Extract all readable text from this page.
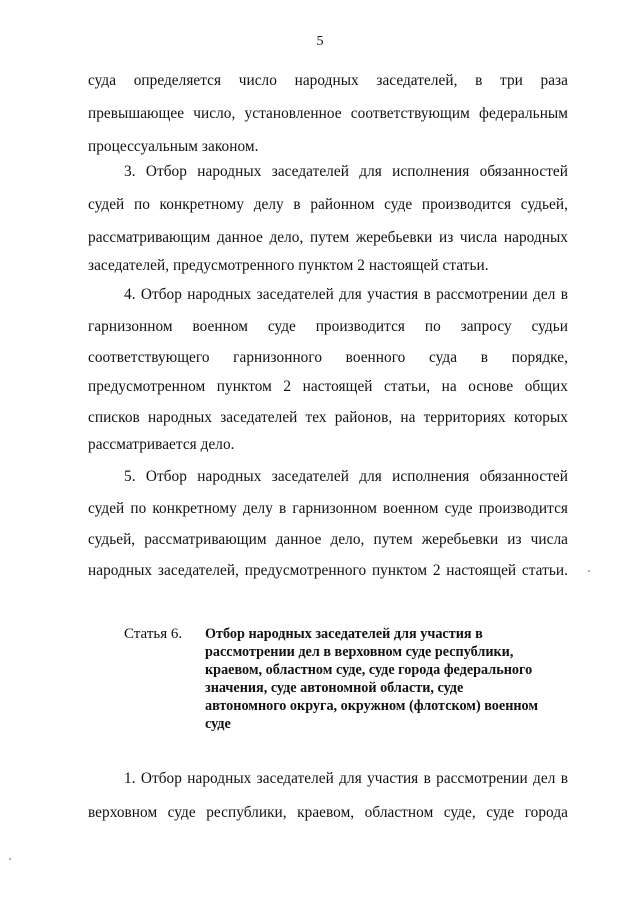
5
суда определяется число народных заседателей, в три раза
превышающее число, установленное соответствующим федеральным
процессуальным законом.
3. Отбор народных заседателей для исполнения обязанностей
судей по конкретному делу в районном суде производится судьей,
рассматривающим данное дело, путем жеребьевки из числа народных
заседателей, предусмотренного пунктом 2 настоящей статьи.
4. Отбор народных заседателей для участия в рассмотрении дел в
гарнизонном военном суде производится по запросу судьи
соответствующего гарнизонного военного суда в порядке,
предусмотренном пунктом 2 настоящей статьи, на основе общих
списков народных заседателей тех районов, на территориях которых
рассматривается дело.
5. Отбор народных заседателей для исполнения обязанностей
судей по конкретному делу в гарнизонном военном суде производится
судьей, рассматривающим данное дело, путем жеребьевки из числа
народных заседателей, предусмотренного пунктом 2 настоящей статьи.
Статья 6. Отбор народных заседателей для участия в
рассмотрении дел в верховном суде республики,
краевом, областном суде, суде города федерального
значения, суде автономной области, суде
автономного округа, окружном (флотском) военном
суде
1. Отбор народных заседателей для участия в рассмотрении дел в
верховном суде республики, краевом, областном суде, суде города
